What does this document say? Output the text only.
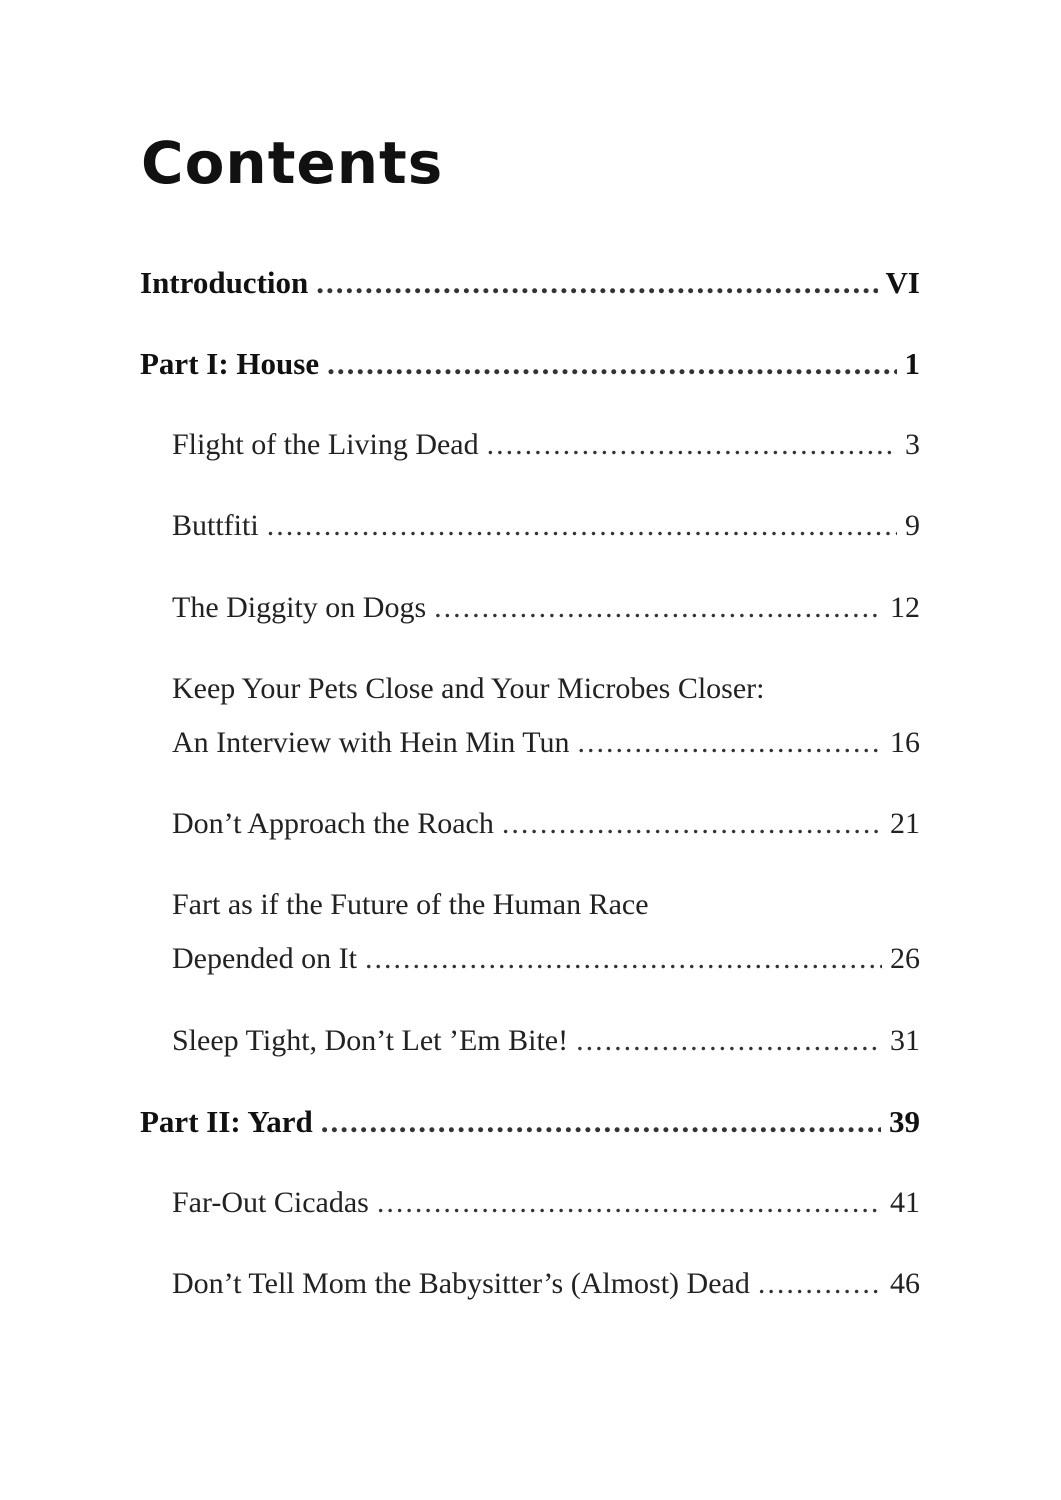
Contents
Introduction .....	VI
Part I: House .....	1
Flight of the Living Dead .....	3
Buttfiti .....	9
The Diggity on Dogs .....	12
Keep Your Pets Close and Your Microbes Closer:
An Interview with Hein Min Tun .....	16
Don’t Approach the Roach .....	21
Fart as if the Future of the Human Race
Depended on It .....	26
Sleep Tight, Don’t Let ’Em Bite! .....	31
Part II: Yard .....	39
Far-Out Cicadas .....	41
Don’t Tell Mom the Babysitter’s (Almost) Dead .....	46
